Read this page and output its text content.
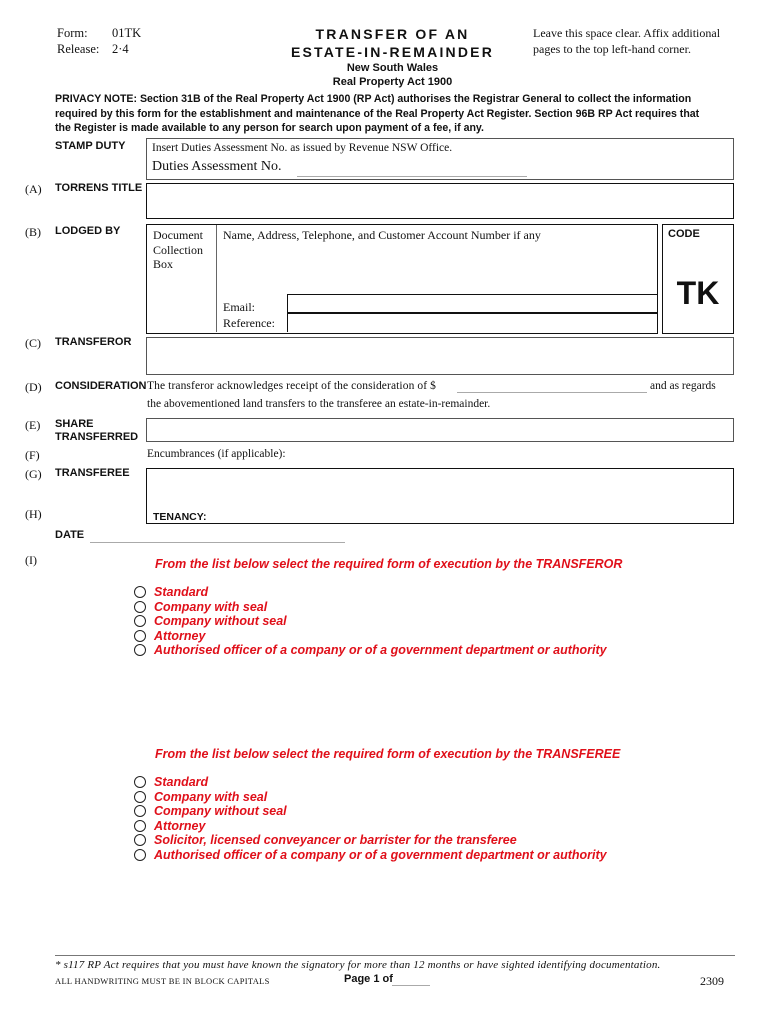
Form: 01TK
Release: 2·4
TRANSFER OF AN
ESTATE-IN-REMAINDER
New South Wales
Real Property Act 1900
Leave this space clear. Affix additional
pages to the top left-hand corner.
PRIVACY NOTE: Section 31B of the Real Property Act 1900 (RP Act) authorises the Registrar General to collect the information
required by this form for the establishment and maintenance of the Real Property Act Register. Section 96B RP Act requires that
the Register is made available to any person for search upon payment of a fee, if any.
STAMP DUTY Insert Duties Assessment No. as issued by Revenue NSW Office.
Duties Assessment No.
(A) TORRENS TITLE
(B) LODGED BY	Document
Collection
Box
Name, Address, Telephone, and Customer Account Number if any
Email:
Reference:
CODE
TK
(C) TRANSFEROR
(D) CONSIDERATION The transferor acknowledges receipt of the consideration of $	and as regards
the abovementioned land transfers to the transferee an estate-in-remainder.
(E) SHARE
TRANSFERRED
(F)	Encumbrances (if applicable):
(G) TRANSFEREE
TENANCY:
(H)
DATE
(I)	From the list below select the required form of execution by the TRANSFEROR
Standard
Company with seal
Company without seal
Attorney
Authorised officer of a company or of a government department or authority
From the list below select the required form of execution by the TRANSFEREE
Standard
Company with seal
Company without seal
Attorney
Solicitor, licensed conveyancer or barrister for the transferee
Authorised officer of a company or of a government department or authority
* s117 RP Act requires that you must have known the signatory for more than 12 months or have sighted identifying documentation.
ALL HANDWRITING MUST BE IN BLOCK CAPITALS	Page 1 of	2309
